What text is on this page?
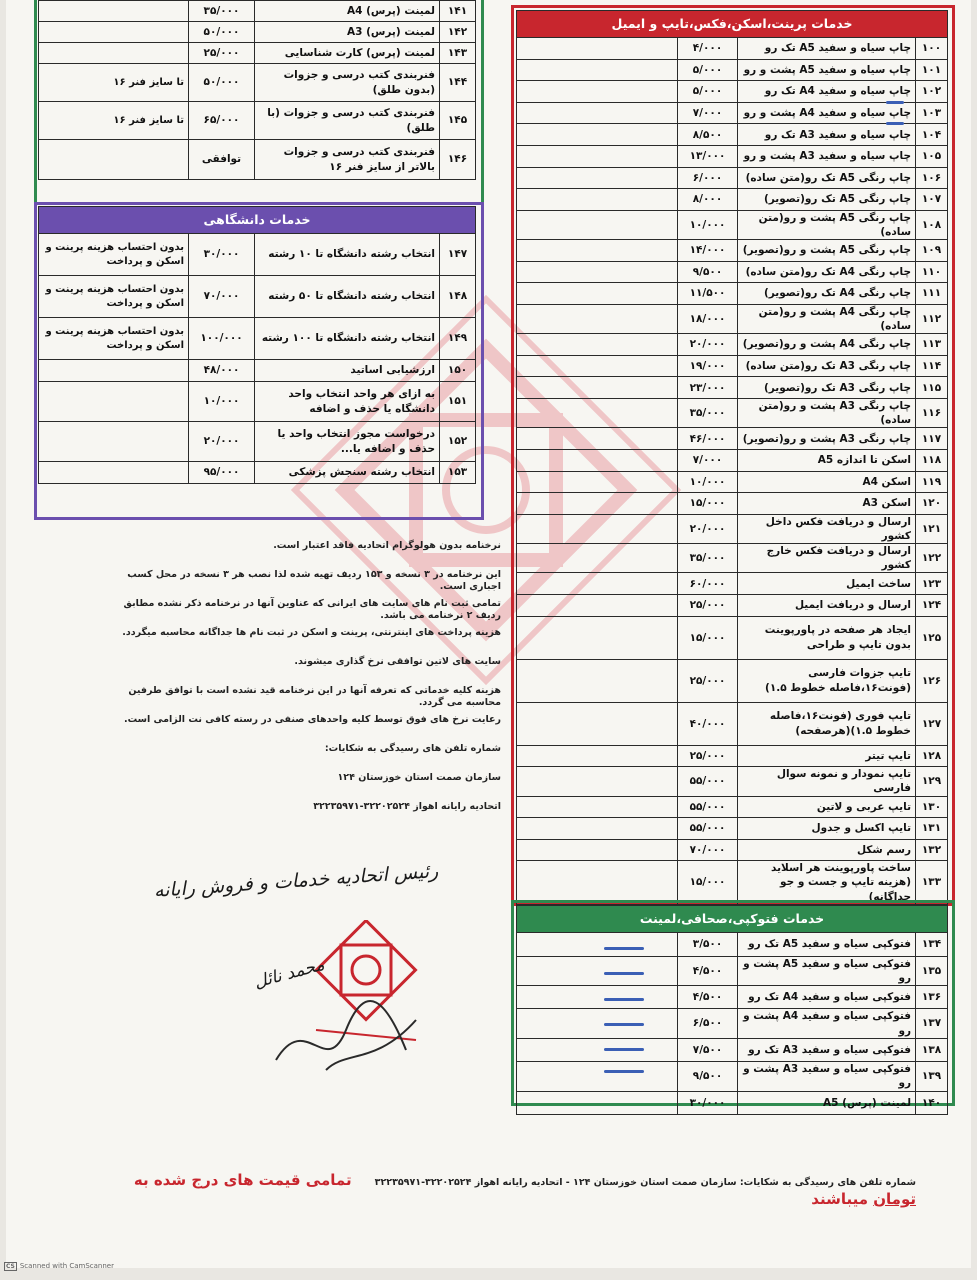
خدمات پرینت،اسکن،فکس،تایپ و ایمیل			
۱۰۰	چاپ سیاه و سفید A5 تک رو	۴/۰۰۰	
۱۰۱	چاپ سیاه و سفید A5 پشت و رو	۵/۰۰۰	
۱۰۲	چاپ سیاه و سفید A4 تک رو	۵/۰۰۰	
۱۰۳	چاپ سیاه و سفید A4 پشت و رو	۷/۰۰۰	
۱۰۴	چاپ سیاه و سفید A3 تک رو	۸/۵۰۰	
۱۰۵	چاپ سیاه و سفید A3 پشت و رو	۱۳/۰۰۰	
۱۰۶	چاپ رنگی A5 تک رو(متن ساده)	۶/۰۰۰	
۱۰۷	چاپ رنگی A5 تک رو(تصویر)	۸/۰۰۰	
۱۰۸	چاپ رنگی A5 پشت و رو(متن ساده)	۱۰/۰۰۰	
۱۰۹	چاپ رنگی A5 پشت و رو(تصویر)	۱۴/۰۰۰	
۱۱۰	چاپ رنگی A4 تک رو(متن ساده)	۹/۵۰۰	
۱۱۱	چاپ رنگی A4 تک رو(تصویر)	۱۱/۵۰۰	
۱۱۲	چاپ رنگی A4 پشت و رو(متن ساده)	۱۸/۰۰۰	
۱۱۳	چاپ رنگی A4 پشت و رو(تصویر)	۲۰/۰۰۰	
۱۱۴	چاپ رنگی A3 تک رو(متن ساده)	۱۹/۰۰۰	
۱۱۵	چاپ رنگی A3 تک رو(تصویر)	۲۳/۰۰۰	
۱۱۶	چاپ رنگی A3 پشت و رو(متن ساده)	۳۵/۰۰۰	
۱۱۷	چاپ رنگی A3 پشت و رو(تصویر)	۴۶/۰۰۰	
۱۱۸	اسکن تا اندازه A5	۷/۰۰۰	
۱۱۹	اسکن A4	۱۰/۰۰۰	
۱۲۰	اسکن A3	۱۵/۰۰۰	
۱۲۱	ارسال و دریافت فکس داخل کشور	۲۰/۰۰۰	
۱۲۲	ارسال و دریافت فکس خارج کشور	۳۵/۰۰۰	
۱۲۳	ساخت ایمیل	۶۰/۰۰۰	
۱۲۴	ارسال و دریافت ایمیل	۲۵/۰۰۰	
۱۲۵	ایجاد هر صفحه در پاورپوینت بدون تایپ و طراحی	۱۵/۰۰۰	
۱۲۶	تایپ جزوات فارسی (فونت۱۶،فاصله خطوط ۱.۵)	۲۵/۰۰۰	
۱۲۷	تایپ فوری (فونت۱۶،فاصله خطوط ۱.۵)(هرصفحه)	۴۰/۰۰۰	
۱۲۸	تایپ تیتر	۲۵/۰۰۰	
۱۲۹	تایپ نمودار و نمونه سوال فارسی	۵۵/۰۰۰	
۱۳۰	تایپ عربی و لاتین	۵۵/۰۰۰	
۱۳۱	تایپ اکسل و جدول	۵۵/۰۰۰	
۱۳۲	رسم شکل	۷۰/۰۰۰	
۱۳۳	ساخت پاورپوینت هر اسلاید (هزینه تایپ و جست و جو جداگانه)	۱۵/۰۰۰	
خدمات فتوکپی،صحافی،لمینت			
۱۳۴	فتوکپی سیاه و سفید A5 تک رو	۳/۵۰۰	
۱۳۵	فتوکپی سیاه و سفید A5 پشت و رو	۴/۵۰۰	
۱۳۶	فتوکپی سیاه و سفید A4 تک رو	۴/۵۰۰	
۱۳۷	فتوکپی سیاه و سفید A4 پشت و رو	۶/۵۰۰	
۱۳۸	فتوکپی سیاه و سفید A3 تک رو	۷/۵۰۰	
۱۳۹	فتوکپی سیاه و سفید A3 پشت و رو	۹/۵۰۰	
۱۴۰	لمینت (پرس) A5	۳۰/۰۰۰	
۱۴۱	لمینت (پرس) A4	۳۵/۰۰۰	
۱۴۲	لمینت (پرس) A3	۵۰/۰۰۰	
۱۴۳	لمینت (پرس) کارت شناسایی	۲۵/۰۰۰	
۱۴۴	فنربندی کتب درسی و جزوات (بدون طلق)	۵۰/۰۰۰	تا سایز فنر ۱۶
۱۴۵	فنربندی کتب درسی و جزوات (با طلق)	۶۵/۰۰۰	تا سایز فنر ۱۶
۱۴۶	فنربندی کتب درسی و جزوات بالاتر از سایز فنر ۱۶	توافقی	
خدمات دانشگاهی			
۱۴۷	انتخاب رشته دانشگاه تا ۱۰ رشته	۳۰/۰۰۰	بدون احتساب هزینه پرینت و اسکن و پرداخت
۱۴۸	انتخاب رشته دانشگاه تا ۵۰ رشته	۷۰/۰۰۰	بدون احتساب هزینه پرینت و اسکن و پرداخت
۱۴۹	انتخاب رشته دانشگاه تا ۱۰۰ رشته	۱۰۰/۰۰۰	بدون احتساب هزینه پرینت و اسکن و پرداخت
۱۵۰	ارزشیابی اساتید	۴۸/۰۰۰	
۱۵۱	به ازای هر واحد انتخاب واحد دانشگاه یا حذف و اضافه	۱۰/۰۰۰	
۱۵۲	درخواست مجوز انتخاب واحد یا حذف و اضافه یا...	۲۰/۰۰۰	
۱۵۳	انتخاب رشته سنجش پزشکی	۹۵/۰۰۰	

نرخنامه بدون هولوگرام اتحادیه فاقد اعتبار است.

این نرخنامه در ۳ نسخه و ۱۵۳ ردیف تهیه شده لذا نصب هر ۳ نسخه در محل کسب اجباری است.

تمامی ثبت نام های سایت های ایرانی که عناوین آنها در نرخنامه ذکر نشده مطابق ردیف ۲ نرخنامه می باشد.

هزینه پرداخت های اینترنتی، پرینت و اسکن در ثبت نام ها جداگانه محاسبه میگردد.

سایت های لاتین توافقی نرخ گذاری میشوند.

هزینه کلیه خدماتی که تعرفه آنها در این نرخنامه قید نشده است با توافق طرفین محاسبه می گردد.

رعایت نرخ های فوق توسط کلیه واحدهای صنفی در رسته کافی نت الزامی است.

شماره تلفن های رسیدگی به شکایات:

سازمان صمت استان خوزستان ۱۲۴

اتحادیه رایانه اهواز ۳۲۲۰۲۵۲۴-۳۲۲۳۵۹۷۱

رئیس اتحادیه خدمات و فروش رایانه
محمد نائل
شماره تلفن های رسیدگی به شکایات: سازمان صمت استان خوزستان ۱۲۴ - اتحادیه رایانه اهواز ۳۲۲۰۲۵۲۴-۳۲۲۳۵۹۷۱ تمامی قیمت های درج شده به تومان میباشند
CS Scanned with CamScanner
